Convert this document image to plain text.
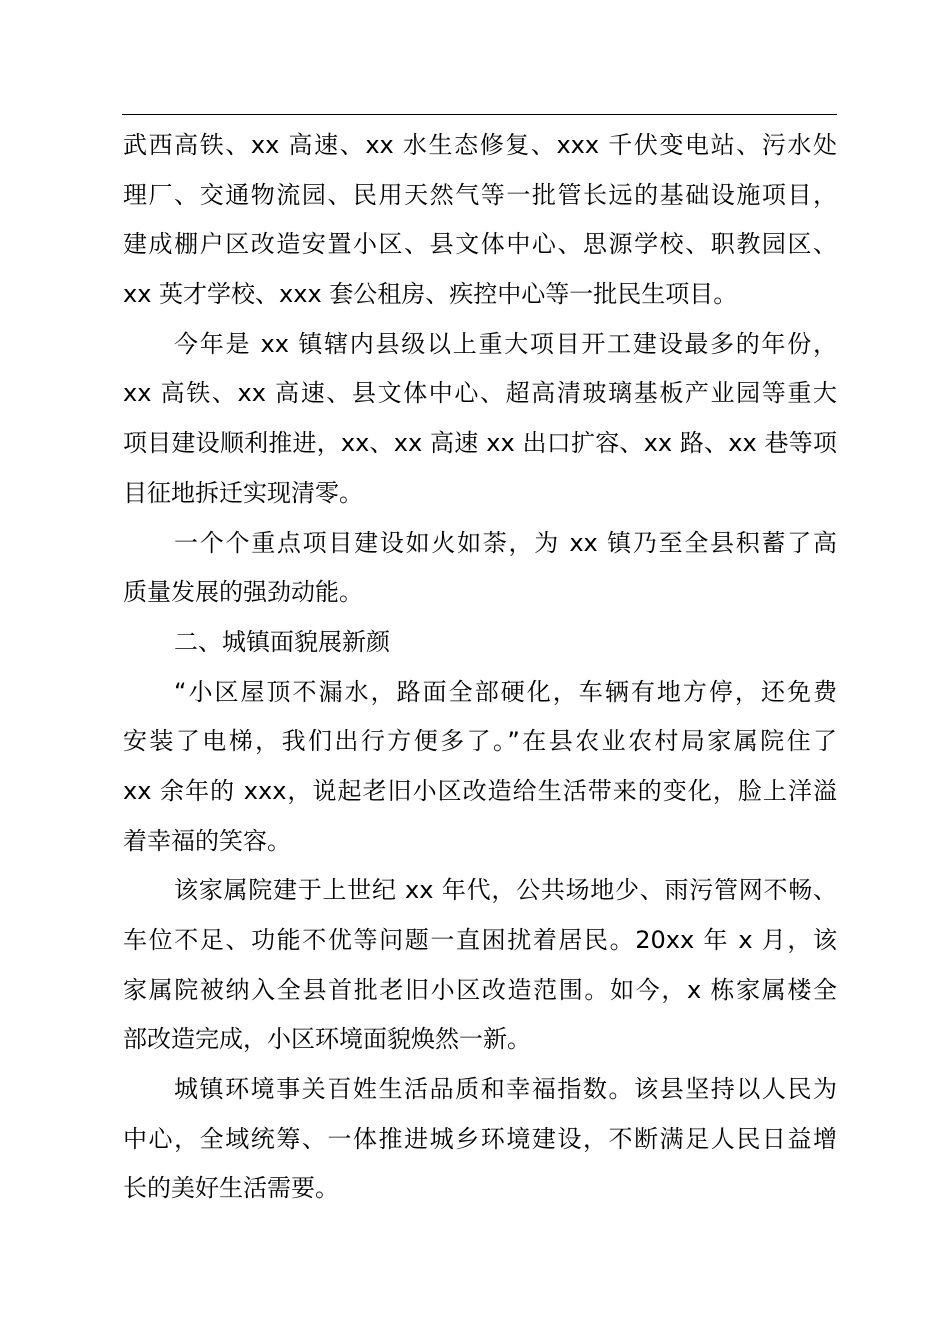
武西高铁、xx 高速、xx 水生态修复、xxx 千伏变电站、污水处
理厂、交通物流园、民用天然气等一批管长远的基础设施项目，
建成棚户区改造安置小区、县文体中心、思源学校、职教园区、
xx 英才学校、xxx 套公租房、疾控中心等一批民生项目。
今年是 xx 镇辖内县级以上重大项目开工建设最多的年份，
xx 高铁、xx 高速、县文体中心、超高清玻璃基板产业园等重大
项目建设顺利推进，xx、xx 高速 xx 出口扩容、xx 路、xx 巷等项
目征地拆迁实现清零。
一个个重点项目建设如火如荼，为 xx 镇乃至全县积蓄了高
质量发展的强劲动能。
二、城镇面貌展新颜
“小区屋顶不漏水，路面全部硬化，车辆有地方停，还免费
安装了电梯，我们出行方便多了。”在县农业农村局家属院住了
xx 余年的 xxx，说起老旧小区改造给生活带来的变化，脸上洋溢
着幸福的笑容。
该家属院建于上世纪 xx 年代，公共场地少、雨污管网不畅、
车位不足、功能不优等问题一直困扰着居民。20xx 年 x 月，该
家属院被纳入全县首批老旧小区改造范围。如今，x 栋家属楼全
部改造完成，小区环境面貌焕然一新。
城镇环境事关百姓生活品质和幸福指数。该县坚持以人民为
中心，全域统筹、一体推进城乡环境建设，不断满足人民日益增
长的美好生活需要。
